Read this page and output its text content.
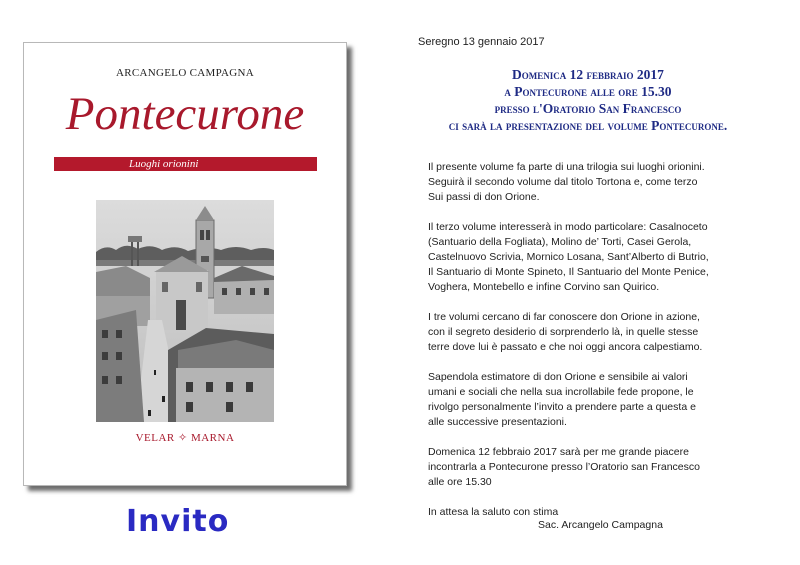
ARCANGELO CAMPAGNA
Pontecurone
Luoghi orionini
VELAR ✧ MARNA
Invito
Seregno 13 gennaio 2017
Domenica 12 febbraio 2017
a Pontecurone alle ore 15.30
presso l'Oratorio San Francesco
ci sarà la presentazione del volume Pontecurone.
Il presente volume fa parte di una trilogia sui luoghi orionini.
Seguirà il secondo volume dal titolo Tortona e, come terzo
Sui passi di don Orione.
Il terzo volume interesserà in modo particolare: Casalnoceto
(Santuario della Fogliata), Molino de’ Torti, Casei Gerola,
Castelnuovo Scrivia, Mornico Losana, Sant’Alberto di Butrio,
Il Santuario di Monte Spineto, Il Santuario del Monte Penice,
Voghera, Montebello e infine Corvino san Quirico.
I tre volumi cercano di far conoscere don Orione in azione,
con il segreto desiderio di sorprenderlo là, in quelle stesse
terre dove lui è passato e che noi oggi ancora calpestiamo.
Sapendola estimatore di don Orione e sensibile ai valori
umani e sociali che nella sua incrollabile fede propone, le
rivolgo personalmente l’invito a prendere parte a questa e
alle successive presentazioni.
Domenica 12 febbraio 2017 sarà per me grande piacere
incontrarla a Pontecurone presso l’Oratorio san Francesco
alle ore 15.30
In attesa la saluto con stima
Sac. Arcangelo Campagna
